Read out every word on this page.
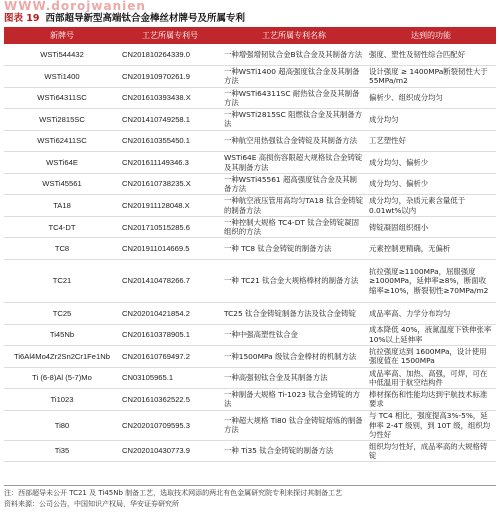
WWW.dorojwanien
图表 19 西部超导新型高端钛合金棒丝材牌号及所属专利
新牌号	工艺所属专利号	工艺所属专利名称	达到的功能
WSTi544432	CN201810264339.0	一种增强增韧钛合金B钛合金及其制备方法	强度、塑性及韧性综合匹配好
WSTi1400	CN201910970261.9	一种WSTi1400 超高强度钛合金及其制备方法	设计强度 ≥ 1400MPa断裂韧性大于55MPa/m2
WSTi64311SC	CN201610393438.X	一种WSTi64311SC 耐热钛合金及其制备方法	偏析少、组织成分均匀
WSTi2815SC	CN201410749258.1	一种WSTi2815SC 阻燃钛合金及其制备方法	成分均匀
WSTi62411SC	CN201610355450.1	一种航空用热强钛合金铸锭及其制备方法	工艺塑性好
WSTi64E	CN201611149346.3	WSTi64E 高损伤容限超大规格钛合金铸锭及其制备方法	成分均匀、偏析少
WSTi45561	CN201610738235.X	一种WSTi45561 超高强度钛合金及其制备方法	成分均匀、偏析少
TA18	CN201911128048.X	一种航空液压管用高均匀TA18 钛合金铸锭的制备方法	成分均匀，杂质元素含量低于0.01wt%以内
TC4-DT	CN201710515285.6	一种控制大规格 TC4-DT 钛合金铸锭凝固组织的方法	铸锭凝固组织细小
TC8	CN201911014669.5	一种 TC8 钛合金铸锭的制备方法	元素控制更精确，无偏析
TC21	CN201410478266.7	一种 TC21 钛合金大规格棒材的制备方法	抗拉强度≥1100MPa，屈服强度≥1000MPa，延伸率≥8%，断面收缩率≥10%，断裂韧性≥70MPa/m2
TC25	CN202010421854.2	TC25 钛合金铸锭制备方法及钛合金铸锭	成品率高、力学分布均匀
Ti45Nb	CN201610378905.1	一种中强高塑性钛合金	成本降低 40%，液氮温度下铁伸张率 10%以上延伸率
Ti6Al4Mo4Zr2Sn2Cr1Fe1Nb	CN201610769497.2	一种1500MPa 级钛合金棒材的机制方法	抗拉强度达到 1600MPa，设计使用强度值在 1500MPa
Ti (6-8)Al (5-7)Mo	CN03105965.1	一种高强韧钛合金及其制备方法	成品率高、加热、高强，可焊，可在中低温用于航空结构件
Ti1023	CN201610362522.5	一种制备大规格 Ti-1023 钛合金铸锭的方法	棒材探伤和性能均达到宇航技术标准要求
Ti80	CN202010709595.3	一种超大规格 Ti80 钛合金铸锭熔炼的制备方法	与 TC4 相比，强度提高3%-5%，延伸率 2-4T 级别，到 10T 级，组织均匀性好
Ti35	CN202010430773.9	一种 Ti35 钛合金铸锭的制备方法	组织均匀性好，成品率高的大规格铸锭
注：西部超导未公开 TC21 及 Ti45Nb 制备工艺，选取技术网添的两北有色金属研究院专利来探讨其制备工艺
资料来源：公司公告，中国知识产权局，华安证券研究所
